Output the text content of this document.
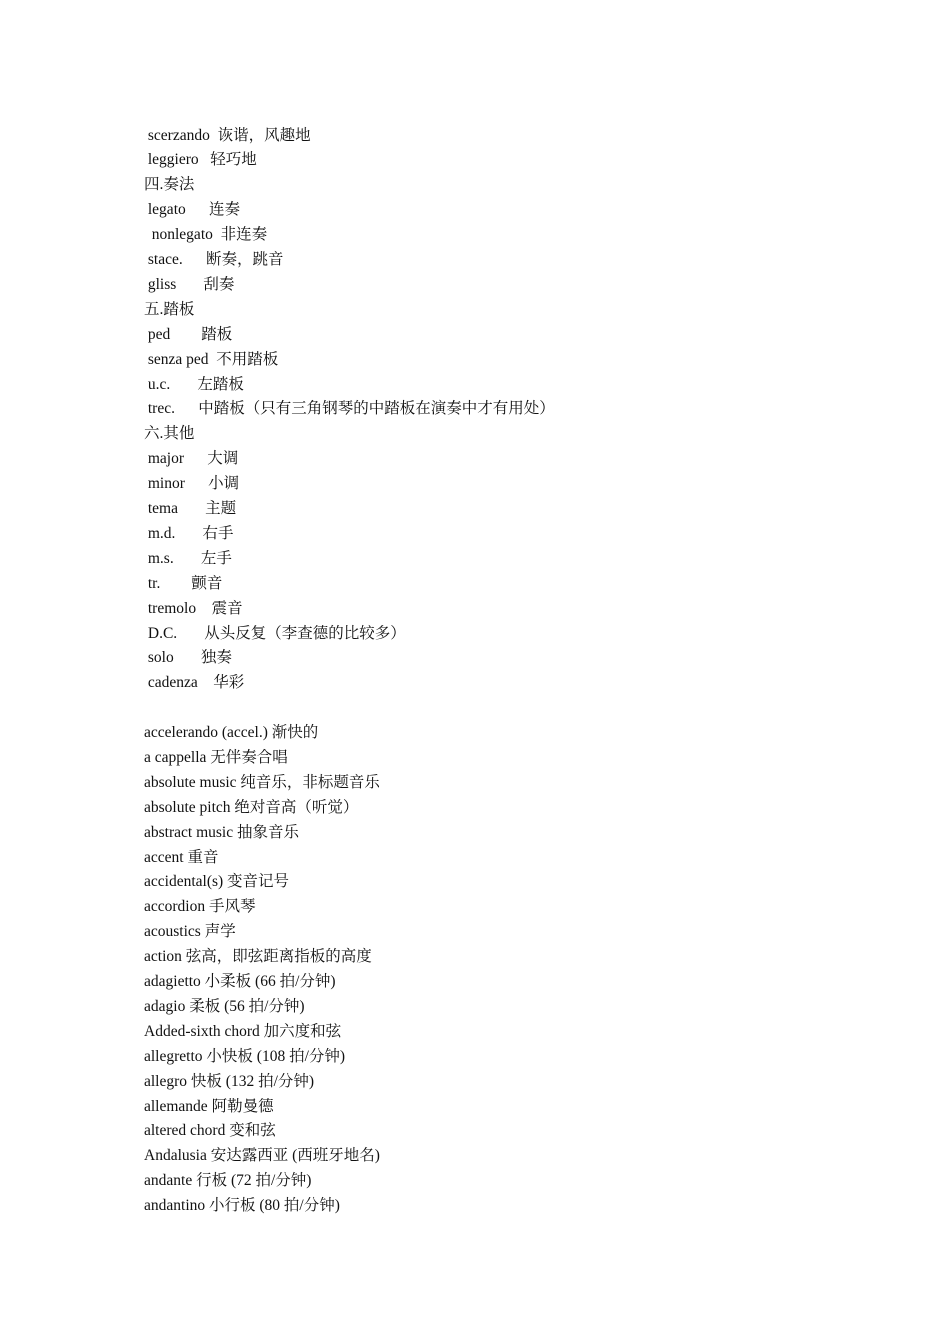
scerzando  诙谐，风趣地

leggiero   轻巧地

四.奏法

legato      连奏

nonlegato  非连奏

stace.      断奏，跳音

gliss       刮奏

五.踏板

ped        踏板

senza ped  不用踏板

u.c.       左踏板

trec.      中踏板（只有三角钢琴的中踏板在演奏中才有用处）

六.其他

major      大调

minor      小调

tema       主题

m.d.       右手

m.s.       左手

tr.        颤音

tremolo    震音

D.C.       从头反复（李查德的比较多）

solo       独奏

cadenza    华彩

accelerando (accel.) 渐快的

a cappella 无伴奏合唱

absolute music 纯音乐，非标题音乐

absolute pitch 绝对音高（听觉）

abstract music 抽象音乐

accent 重音

accidental(s) 变音记号

accordion 手风琴

acoustics 声学

action 弦高，即弦距离指板的高度

adagietto 小柔板 (66 拍/分钟)

adagio 柔板 (56 拍/分钟)

Added-sixth chord 加六度和弦

allegretto 小快板 (108 拍/分钟)

allegro 快板 (132 拍/分钟)

allemande 阿勒曼德

altered chord 变和弦

Andalusia 安达露西亚 (西班牙地名)

andante 行板 (72 拍/分钟)

andantino 小行板 (80 拍/分钟)
